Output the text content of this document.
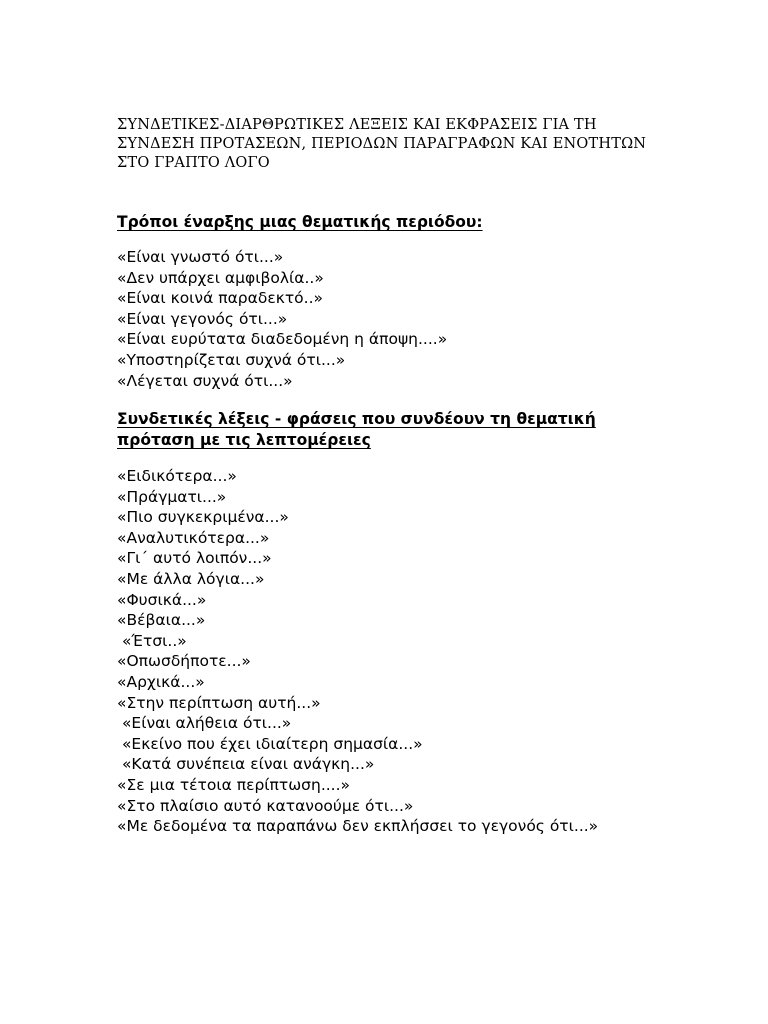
ΣΥΝΔΕΤΙΚΕΣ-ΔΙΑΡΘΡΩΤΙΚΕΣ ΛΕΞΕΙΣ ΚΑΙ ΕΚΦΡΑΣΕΙΣ ΓΙΑ ΤΗ ΣΥΝΔΕΣΗ ΠΡΟΤΑΣΕΩΝ, ΠΕΡΙΟΔΩΝ ΠΑΡΑΓΡΑΦΩΝ ΚΑΙ ΕΝΟΤΗΤΩΝ ΣΤΟ ΓΡΑΠΤΟ ΛΟΓΟ
Τρόποι έναρξης μιας θεματικής περιόδου:
«Είναι γνωστό ότι...»
«Δεν υπάρχει αμφιβολία..»
«Είναι κοινά παραδεκτό..»
«Είναι γεγονός ότι...»
«Είναι ευρύτατα διαδεδομένη η άποψη....»
«Υποστηρίζεται συχνά ότι...»
«Λέγεται συχνά ότι...»
Συνδετικές λέξεις - φράσεις που συνδέουν τη θεματική πρόταση με τις λεπτομέρειες
«Ειδικότερα...»
«Πράγματι...»
«Πιο συγκεκριμένα...»
«Αναλυτικότερα...»
«Γι΄ αυτό λοιπόν...»
«Με άλλα λόγια...»
«Φυσικά...»
«Βέβαια...»
«Έτσι..»
«Οπωσδήποτε...»
«Αρχικά...»
«Στην περίπτωση αυτή...»
«Είναι αλήθεια ότι...»
«Εκείνο που έχει ιδιαίτερη σημασία...»
«Κατά συνέπεια είναι ανάγκη...»
«Σε μια τέτοια περίπτωση....»
«Στο πλαίσιο αυτό κατανοούμε ότι...»
«Με δεδομένα τα παραπάνω δεν εκπλήσσει το γεγονός ότι...»
